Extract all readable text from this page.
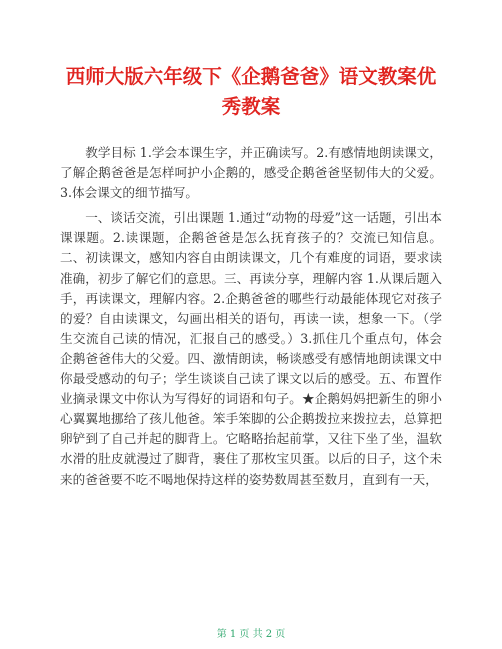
西师大版六年级下《企鹅爸爸》语文教案优秀教案

教学目标 1.学会本课生字，并正确读写。2.有感情地朗读课文，了解企鹅爸爸是怎样呵护小企鹅的，感受企鹅爸爸坚韧伟大的父爱。3.体会课文的细节描写。

一、谈话交流，引出课题 1.通过“动物的母爱”这一话题，引出本课课题。2.读课题，企鹅爸爸是怎么抚育孩子的？交流已知信息。二、初读课文，感知内容自由朗读课文，几个有难度的词语，要求读准确，初步了解它们的意思。三、再读分享，理解内容 1.从课后题入手，再读课文，理解内容。2.企鹅爸爸的哪些行动最能体现它对孩子的爱？自由读课文，勾画出相关的语句，再读一读，想象一下。（学生交流自己读的情况，汇报自己的感受。）3.抓住几个重点句，体会企鹅爸爸伟大的父爱。四、激情朗读，畅谈感受有感情地朗读课文中你最受感动的句子；学生谈谈自己读了课文以后的感受。五、布置作业摘录课文中你认为写得好的词语和句子。★企鹅妈妈把新生的卵小心翼翼地挪给了孩儿他爸。笨手笨脚的公企鹅拨拉来拨拉去，总算把卵铲到了自己并起的脚背上。它略略抬起前掌，又往下坐了坐，温软水滑的肚皮就漫过了脚背，裹住了那枚宝贝蛋。以后的日子，这个未来的爸爸要不吃不喝地保持这样的姿势数周甚至数月，直到有一天，

第 1 页 共 2 页
